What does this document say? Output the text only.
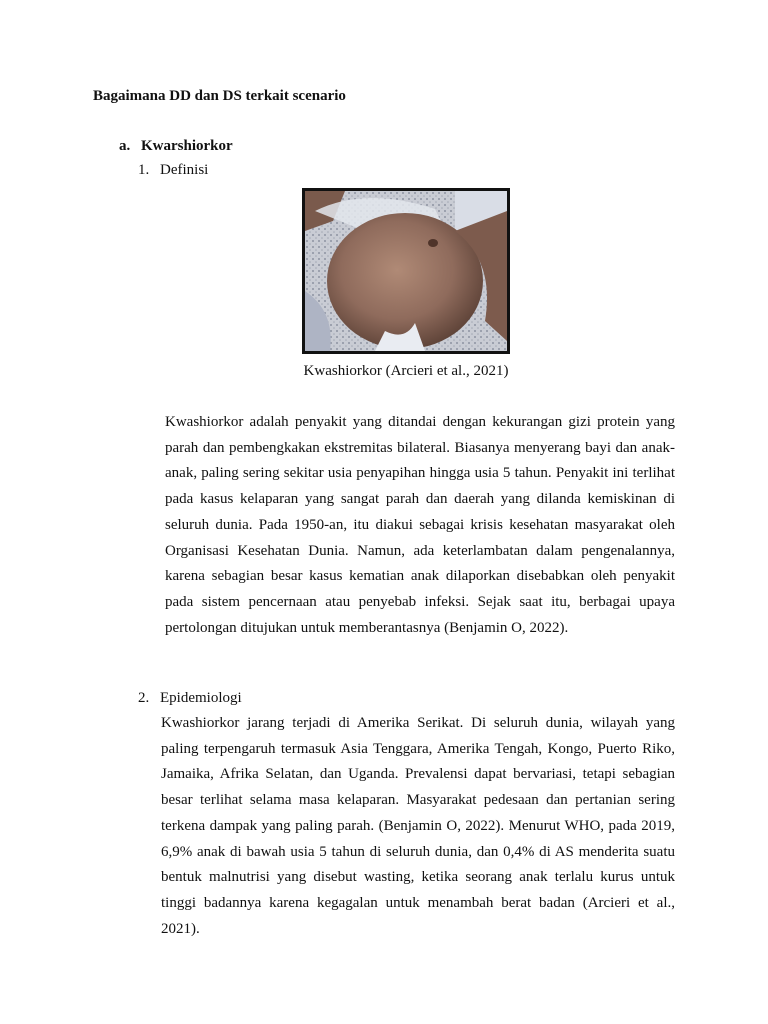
Bagaimana DD dan DS terkait scenario
a. Kwarshiorkor
1. Definisi
Kwashiorkor (Arcieri et al., 2021)

Kwashiorkor adalah penyakit yang ditandai dengan kekurangan gizi protein yang parah dan pembengkakan ekstremitas bilateral. Biasanya menyerang bayi dan anak-anak, paling sering sekitar usia penyapihan hingga usia 5 tahun. Penyakit ini terlihat pada kasus kelaparan yang sangat parah dan daerah yang dilanda kemiskinan di seluruh dunia. Pada 1950-an, itu diakui sebagai krisis kesehatan masyarakat oleh Organisasi Kesehatan Dunia. Namun, ada keterlambatan dalam pengenalannya, karena sebagian besar kasus kematian anak dilaporkan disebabkan oleh penyakit pada sistem pencernaan atau penyebab infeksi. Sejak saat itu, berbagai upaya pertolongan ditujukan untuk memberantasnya (Benjamin O, 2022).

2. Epidemiologi

Kwashiorkor jarang terjadi di Amerika Serikat. Di seluruh dunia, wilayah yang paling terpengaruh termasuk Asia Tenggara, Amerika Tengah, Kongo, Puerto Riko, Jamaika, Afrika Selatan, dan Uganda. Prevalensi dapat bervariasi, tetapi sebagian besar terlihat selama masa kelaparan. Masyarakat pedesaan dan pertanian sering terkena dampak yang paling parah. (Benjamin O, 2022). Menurut WHO, pada 2019, 6,9% anak di bawah usia 5 tahun di seluruh dunia, dan 0,4% di AS menderita suatu bentuk malnutrisi yang disebut wasting, ketika seorang anak terlalu kurus untuk tinggi badannya karena kegagalan untuk menambah berat badan (Arcieri et al., 2021).
